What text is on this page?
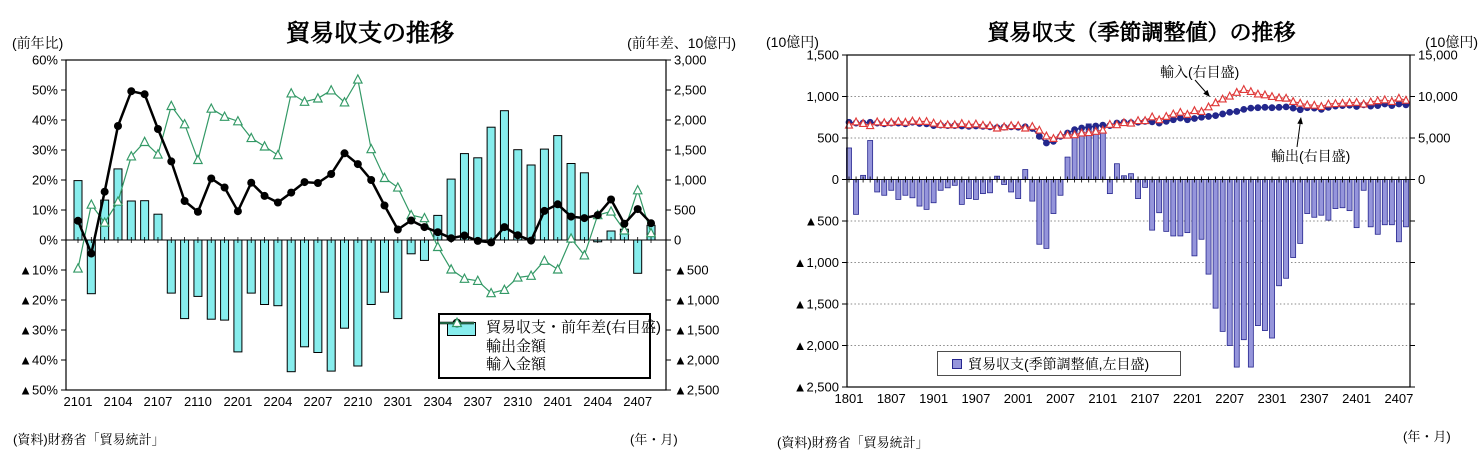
60%
50%
40%
30%
20%
10%
0%
▲10%
▲20%
▲30%
▲40%
▲50%
3,000
2,500
2,000
1,500
1,000
500
0
▲500
▲1,000
▲1,500
▲2,000
▲2,500
2101 2104 2107 2110 2201 2204 2207 2210 2301 2304 2307 2310 2401 2404 2407
(前年比)	貿易収支の推移	(前年差、10億円)
貿易収支・前年差(右目盛)
輸出金額
輸入金額
(資料)財務省「貿易統計」	(年・月)
1,500
1,000
500
0
▲500
▲1,000
▲1,500
▲2,000
▲2,500
15,000
10,000
5,000
0
1801 1807 1901 1907 2001 2007 2101 2107 2201 2207 2301 2307 2401 2407
(10億円)	貿易収支（季節調整値）の推移	(10億円)
輸入(右目盛)
輸出(右目盛)
貿易収支(季節調整値,左目盛)
(資料)財務省「貿易統計」	(年・月)
